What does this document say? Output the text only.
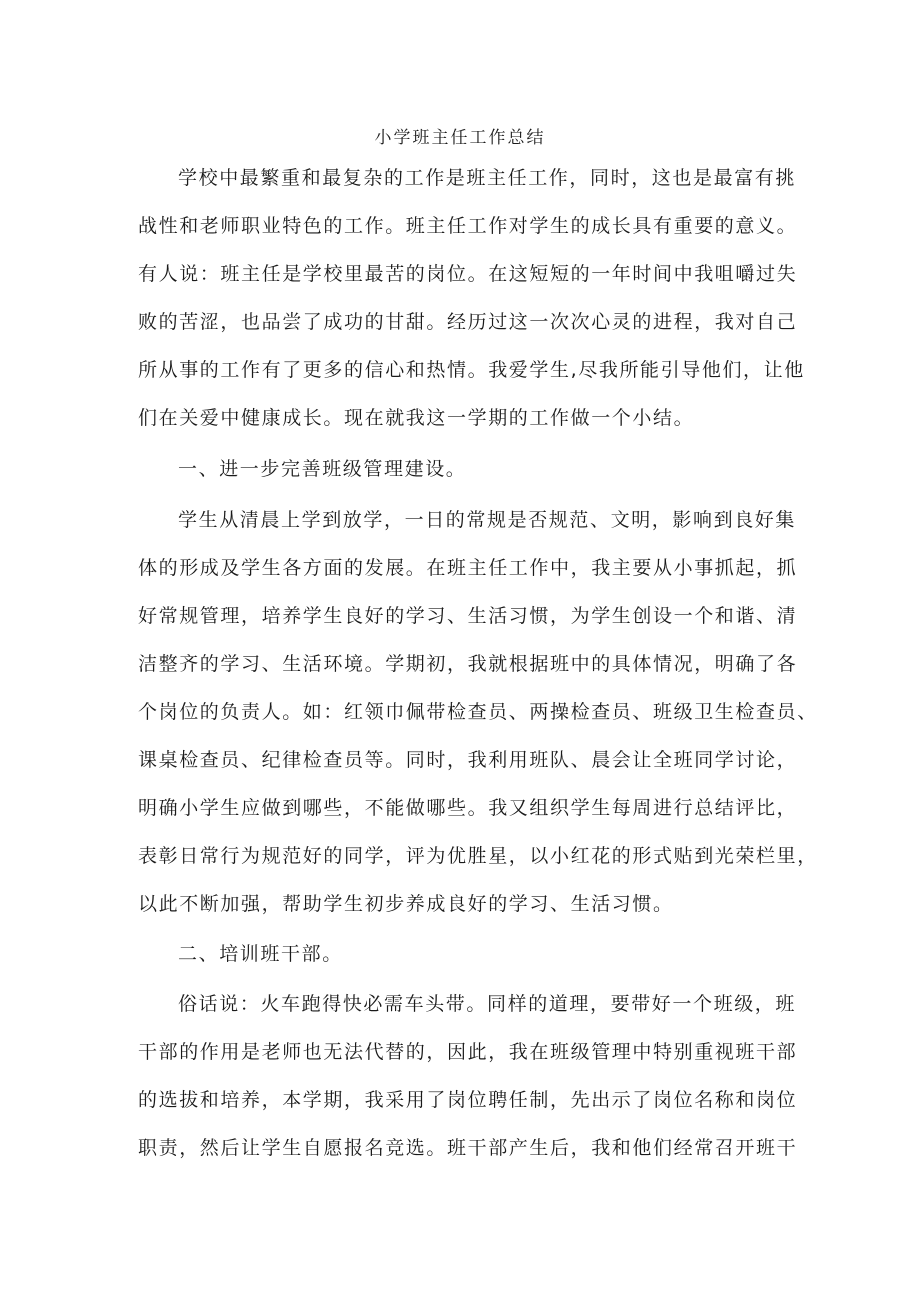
小学班主任工作总结
学校中最繁重和最复杂的工作是班主任工作，同时，这也是最富有挑
战性和老师职业特色的工作。班主任工作对学生的成长具有重要的意义。
有人说：班主任是学校里最苦的岗位。在这短短的一年时间中我咀嚼过失
败的苦涩，也品尝了成功的甘甜。经历过这一次次心灵的进程，我对自己
所从事的工作有了更多的信心和热情。我爱学生,尽我所能引导他们，让他
们在关爱中健康成长。现在就我这一学期的工作做一个小结。
一、进一步完善班级管理建设。
学生从清晨上学到放学，一日的常规是否规范、文明，影响到良好集
体的形成及学生各方面的发展。在班主任工作中，我主要从小事抓起，抓
好常规管理，培养学生良好的学习、生活习惯，为学生创设一个和谐、清
洁整齐的学习、生活环境。学期初，我就根据班中的具体情况，明确了各
个岗位的负责人。如：红领巾佩带检查员、两操检查员、班级卫生检查员、
课桌检查员、纪律检查员等。同时，我利用班队、晨会让全班同学讨论，
明确小学生应做到哪些，不能做哪些。我又组织学生每周进行总结评比，
表彰日常行为规范好的同学，评为优胜星，以小红花的形式贴到光荣栏里，
以此不断加强，帮助学生初步养成良好的学习、生活习惯。
二、培训班干部。
俗话说：火车跑得快必需车头带。同样的道理，要带好一个班级，班
干部的作用是老师也无法代替的，因此，我在班级管理中特别重视班干部
的选拔和培养，本学期，我采用了岗位聘任制，先出示了岗位名称和岗位
职责，然后让学生自愿报名竞选。班干部产生后，我和他们经常召开班干
